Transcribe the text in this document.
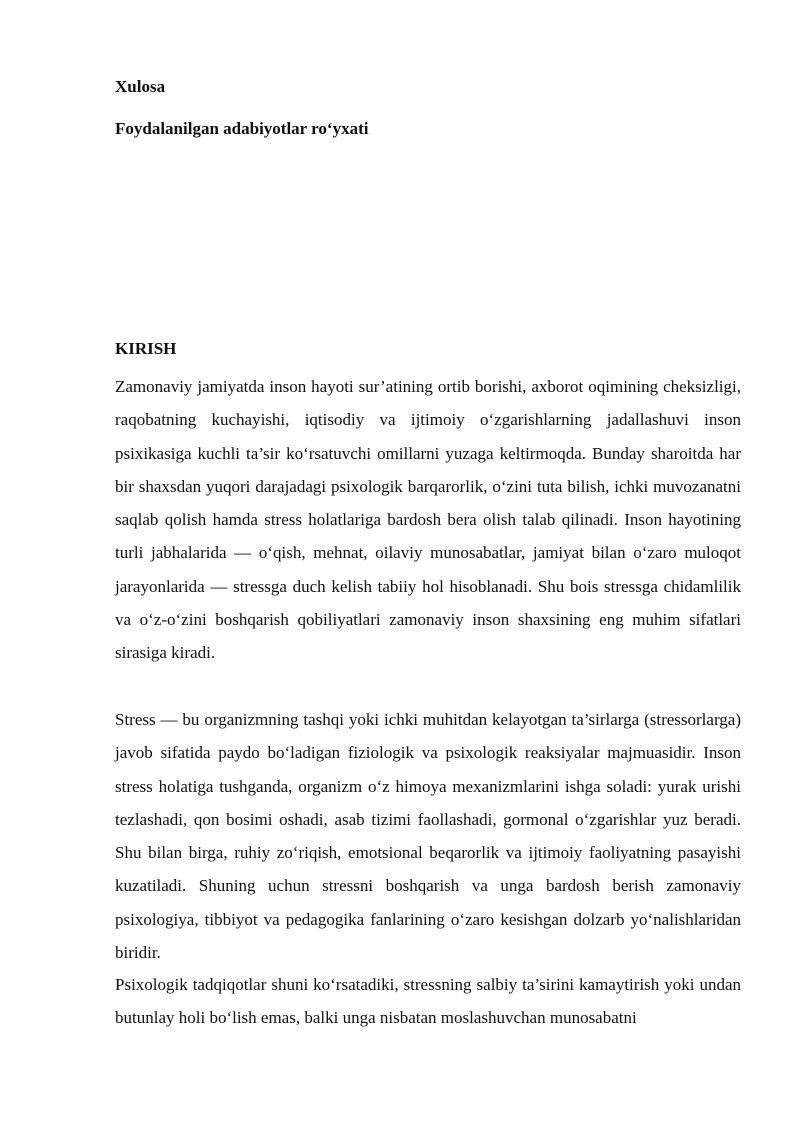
Xulosa

Foydalanilgan adabiyotlar ro‘yxati

KIRISH

Zamonaviy jamiyatda inson hayoti sur’atining ortib borishi, axborot oqimining cheksizligi, raqobatning kuchayishi, iqtisodiy va ijtimoiy o‘zgarishlarning jadallashuvi inson psixikasiga kuchli ta’sir ko‘rsatuvchi omillarni yuzaga keltirmoqda. Bunday sharoitda har bir shaxsdan yuqori darajadagi psixologik barqarorlik, o‘zini tuta bilish, ichki muvozanatni saqlab qolish hamda stress holatlariga bardosh bera olish talab qilinadi. Inson hayotining turli jabhalarida — o‘qish, mehnat, oilaviy munosabatlar, jamiyat bilan o‘zaro muloqot jarayonlarida — stressga duch kelish tabiiy hol hisoblanadi. Shu bois stressga chidamlilik va o‘z-o‘zini boshqarish qobiliyatlari zamonaviy inson shaxsining eng muhim sifatlari sirasiga kiradi.

Stress — bu organizmning tashqi yoki ichki muhitdan kelayotgan ta’sirlarga (stressorlarga) javob sifatida paydo bo‘ladigan fiziologik va psixologik reaksiyalar majmuasidir. Inson stress holatiga tushganda, organizm o‘z himoya mexanizmlarini ishga soladi: yurak urishi tezlashadi, qon bosimi oshadi, asab tizimi faollashadi, gormonal o‘zgarishlar yuz beradi. Shu bilan birga, ruhiy zo‘riqish, emotsional beqarorlik va ijtimoiy faoliyatning pasayishi kuzatiladi. Shuning uchun stressni boshqarish va unga bardosh berish zamonaviy psixologiya, tibbiyot va pedagogika fanlarining o‘zaro kesishgan dolzarb yo‘nalishlaridan biridir.

Psixologik tadqiqotlar shuni ko‘rsatadiki, stressning salbiy ta’sirini kamaytirish yoki undan butunlay holi bo‘lish emas, balki unga nisbatan moslashuvchan munosabatni
